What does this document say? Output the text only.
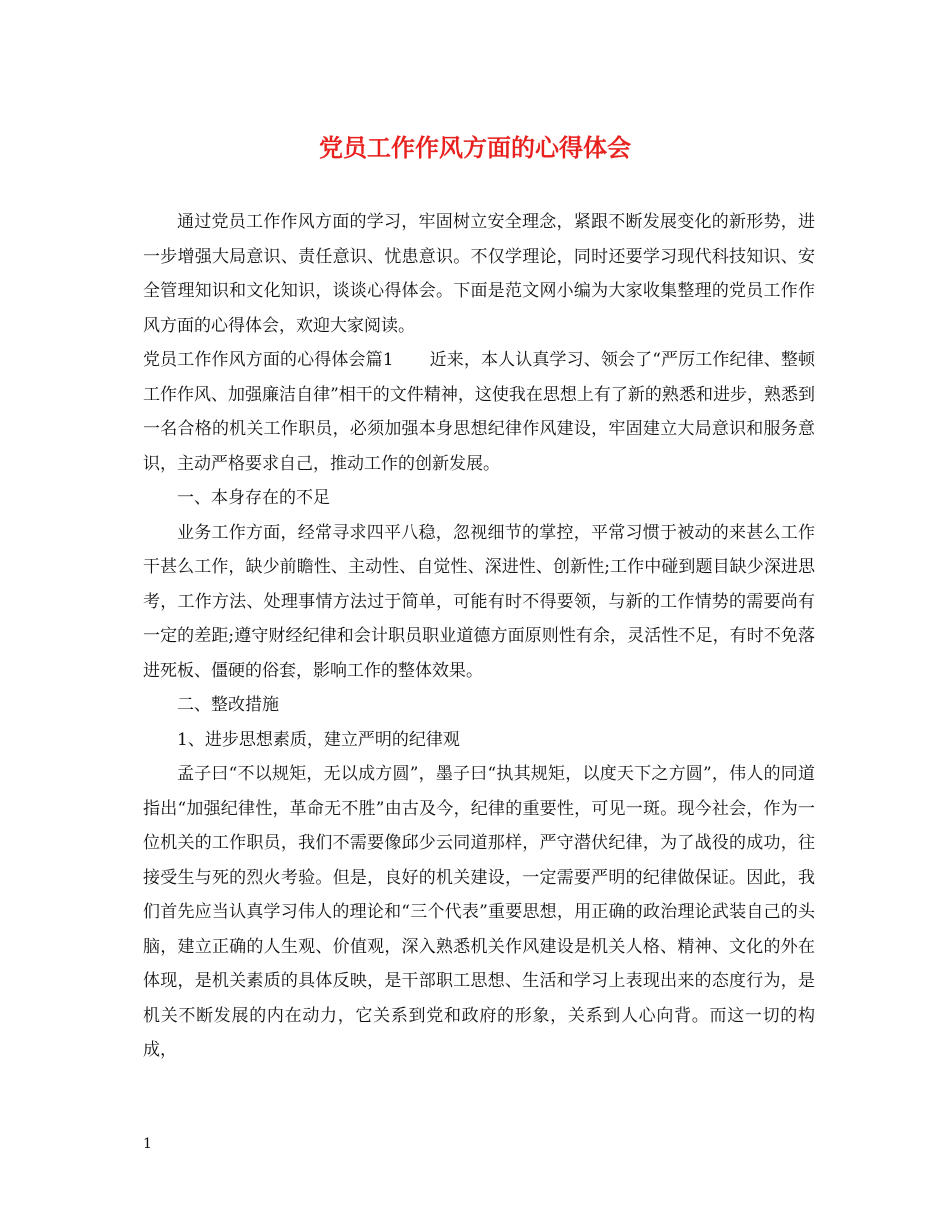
党员工作作风方面的心得体会

通过党员工作作风方面的学习，牢固树立安全理念，紧跟不断发展变化的新形势，进一步增强大局意识、责任意识、忧患意识。不仅学理论，同时还要学习现代科技知识、安全管理知识和文化知识，谈谈心得体会。下面是范文网小编为大家收集整理的党员工作作风方面的心得体会，欢迎大家阅读。

党员工作作风方面的心得体会篇1 近来，本人认真学习、领会了“严厉工作纪律、整顿工作作风、加强廉洁自律”相干的文件精神，这使我在思想上有了新的熟悉和进步，熟悉到一名合格的机关工作职员，必须加强本身思想纪律作风建设，牢固建立大局意识和服务意识，主动严格要求自己，推动工作的创新发展。

一、本身存在的不足

业务工作方面，经常寻求四平八稳，忽视细节的掌控，平常习惯于被动的来甚么工作干甚么工作，缺少前瞻性、主动性、自觉性、深进性、创新性;工作中碰到题目缺少深进思考，工作方法、处理事情方法过于简单，可能有时不得要领，与新的工作情势的需要尚有一定的差距;遵守财经纪律和会计职员职业道德方面原则性有余，灵活性不足，有时不免落进死板、僵硬的俗套，影响工作的整体效果。

二、整改措施

1、进步思想素质，建立严明的纪律观

孟子曰“不以规矩，无以成方圆”，墨子曰“执其规矩，以度天下之方圆”，伟人的同道指出“加强纪律性，革命无不胜”由古及今，纪律的重要性，可见一斑。现今社会，作为一位机关的工作职员，我们不需要像邱少云同道那样，严守潜伏纪律，为了战役的成功，往接受生与死的烈火考验。但是，良好的机关建设，一定需要严明的纪律做保证。因此，我们首先应当认真学习伟人的理论和“三个代表”重要思想，用正确的政治理论武装自己的头脑，建立正确的人生观、价值观，深入熟悉机关作风建设是机关人格、精神、文化的外在体现，是机关素质的具体反映，是干部职工思想、生活和学习上表现出来的态度行为，是机关不断发展的内在动力，它关系到党和政府的形象，关系到人心向背。而这一切的构成，

1
